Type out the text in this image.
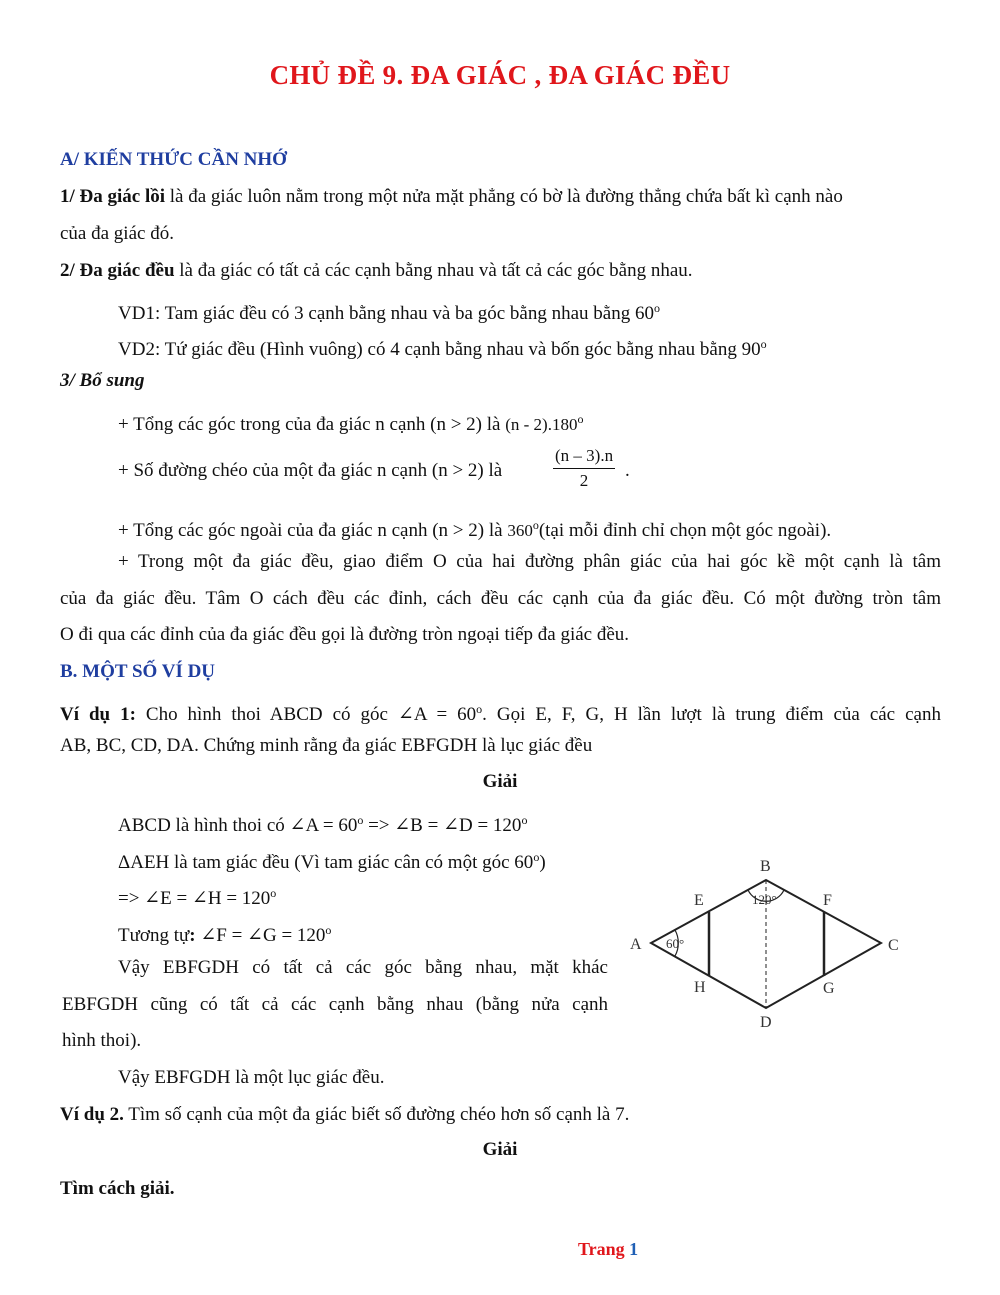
CHỦ ĐỀ 9. ĐA GIÁC , ĐA GIÁC ĐỀU
A/ KIẾN THỨC CẦN NHỚ
1/ Đa giác lồi là đa giác luôn nằm trong một nửa mặt phẳng có bờ là đường thẳng chứa bất kì cạnh nào
của đa giác đó.
2/ Đa giác đều là đa giác có tất cả các cạnh bằng nhau và tất cả các góc bằng nhau.
VD1: Tam giác đều có 3 cạnh bằng nhau và ba góc bằng nhau bằng 60$^o$
VD2: Tứ giác đều (Hình vuông) có 4 cạnh bằng nhau và bốn góc bằng nhau bằng 90$^o$
3/ Bổ sung
+ Tổng các góc trong của đa giác n cạnh (n > 2) là $(n - 2).180^o$
+ Số đường chéo của một đa giác n cạnh (n > 2) là	$\frac{(n - 3).n}{2}$ .
+ Tổng các góc ngoài của đa giác n cạnh (n > 2) là 360$^o$(tại mỗi đỉnh chỉ chọn một góc ngoài).
+ Trong một đa giác đều, giao điểm O của hai đường phân giác của hai góc kề một cạnh là tâm
của đa giác đều. Tâm O cách đều các đỉnh, cách đều các cạnh của đa giác đều. Có một đường tròn tâm
O đi qua các đỉnh của đa giác đều gọi là đường tròn ngoại tiếp đa giác đều.
B. MỘT SỐ VÍ DỤ
Ví dụ 1: Cho hình thoi ABCD có góc ∠A = $60^o$. Gọi E, F, G, H lần lượt là trung điểm của các cạnh
AB, BC, CD, DA. Chứng minh rằng đa giác EBFGDH là lục giác đều
Giải
ABCD là hình thoi có ∠A = $60^o$ => ∠B = ∠D = $120^o$
ΔAEH là tam giác đều (Vì tam giác cân có một góc $60^o$)
=> ∠E = ∠H = $120^o$
Tương tự: ∠F = ∠G = $120^o$
Vậy EBFGDH có tất cả các góc bằng nhau, mặt khác
EBFGDH cũng có tất cả các cạnh bằng nhau (bằng nửa cạnh
hình thoi).
Vậy EBFGDH là một lục giác đều.
Ví dụ 2. Tìm số cạnh của một đa giác biết số đường chéo hơn số cạnh là 7.
Giải
Tìm cách giải.
B
E	F
A	C
H	G
D
60°
120°
Trang 1
